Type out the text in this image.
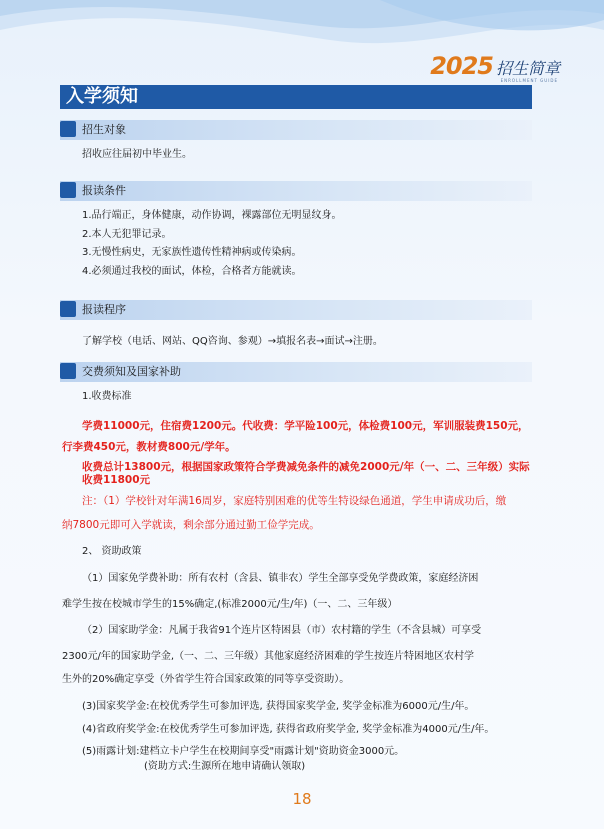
2025 招生简章
ENROLLMENT GUIDE
入学须知
招生对象
招收应往届初中毕业生。
报读条件
1.品行端正，身体健康，动作协调，裸露部位无明显纹身。
2.本人无犯罪记录。
3.无慢性病史，无家族性遗传性精神病或传染病。
4.必须通过我校的面试，体检，合格者方能就读。
报读程序
了解学校（电话、网站、QQ咨询、参观）→填报名表→面试→注册。
交费须知及国家补助
1.收费标准
学费11000元，住宿费1200元。代收费：学平险100元，体检费100元，军训服装费150元，
行李费450元，教材费800元/学年。
收费总计13800元，根据国家政策符合学费减免条件的减免2000元/年（一、二、三年级）实际
收费11800元
注：（1）学校针对年满16周岁，家庭特别困难的优等生特设绿色通道，学生申请成功后，缴
纳7800元即可入学就读，剩余部分通过勤工俭学完成。
2、 资助政策
（1）国家免学费补助：所有农村（含县、镇非农）学生全部享受免学费政策，家庭经济困
难学生按在校城市学生的15%确定,(标准2000元/生/年)（一、二、三年级）
（2）国家助学金：凡属于我省91个连片区特困县（市）农村籍的学生（不含县城）可享受
2300元/年的国家助学金,（一、二、三年级）其他家庭经济困难的学生按连片特困地区农村学
生外的20%确定享受（外省学生符合国家政策的同等享受资助）。
(3)国家奖学金:在校优秀学生可参加评选, 获得国家奖学金, 奖学金标准为6000元/生/年。
(4)省政府奖学金:在校优秀学生可参加评选, 获得省政府奖学金, 奖学金标准为4000元/生/年。
(5)雨露计划:建档立卡户学生在校期间享受"雨露计划"资助资金3000元。
(资助方式:生源所在地申请确认领取)
18
